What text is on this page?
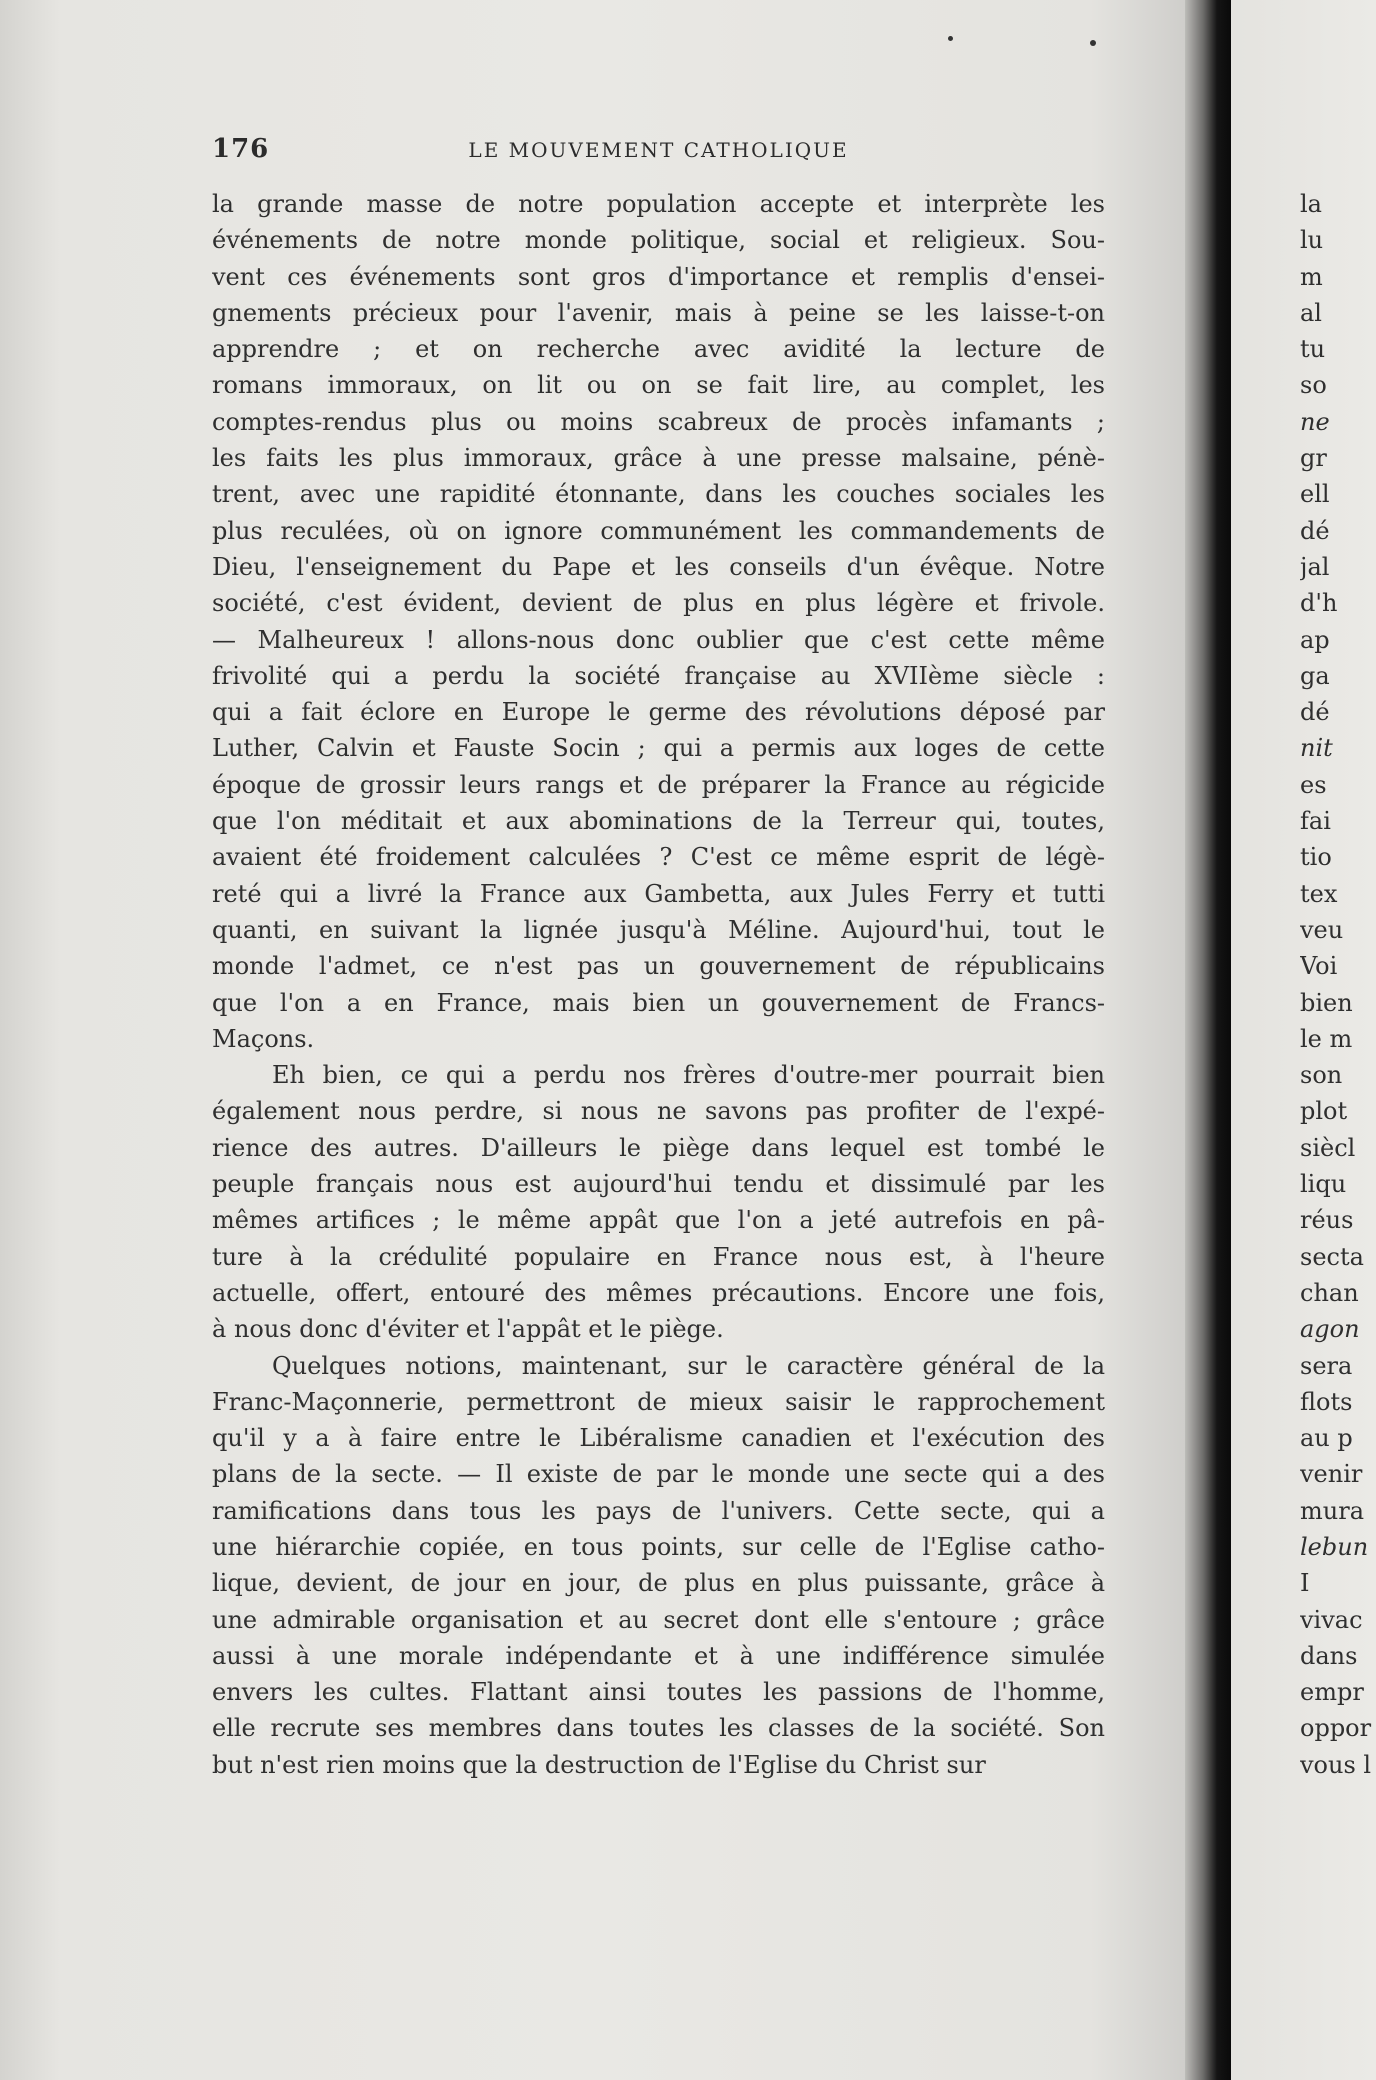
176	LE MOUVEMENT CATHOLIQUE
la grande masse de notre population accepte et interprète les
événements de notre monde politique, social et religieux. Sou-
vent ces événements sont gros d'importance et remplis d'ensei-
gnements précieux pour l'avenir, mais à peine se les laisse-t-on
apprendre ; et on recherche avec avidité la lecture de
romans immoraux, on lit ou on se fait lire, au complet, les
comptes-rendus plus ou moins scabreux de procès infamants ;
les faits les plus immoraux, grâce à une presse malsaine, pénè-
trent, avec une rapidité étonnante, dans les couches sociales les
plus reculées, où on ignore communément les commandements de
Dieu, l'enseignement du Pape et les conseils d'un évêque. Notre
société, c'est évident, devient de plus en plus légère et frivole.
— Malheureux ! allons-nous donc oublier que c'est cette même
frivolité qui a perdu la société française au XVIIème siècle :
qui a fait éclore en Europe le germe des révolutions déposé par
Luther, Calvin et Fauste Socin ; qui a permis aux loges de cette
époque de grossir leurs rangs et de préparer la France au régicide
que l'on méditait et aux abominations de la Terreur qui, toutes,
avaient été froidement calculées ? C'est ce même esprit de légè-
reté qui a livré la France aux Gambetta, aux Jules Ferry et tutti
quanti, en suivant la lignée jusqu'à Méline. Aujourd'hui, tout le
monde l'admet, ce n'est pas un gouvernement de républicains
que l'on a en France, mais bien un gouvernement de Francs-
Maçons.
Eh bien, ce qui a perdu nos frères d'outre-mer pourrait bien
également nous perdre, si nous ne savons pas profiter de l'expé-
rience des autres. D'ailleurs le piège dans lequel est tombé le
peuple français nous est aujourd'hui tendu et dissimulé par les
mêmes artifices ; le même appât que l'on a jeté autrefois en pâ-
ture à la crédulité populaire en France nous est, à l'heure
actuelle, offert, entouré des mêmes précautions. Encore une fois,
à nous donc d'éviter et l'appât et le piège.
Quelques notions, maintenant, sur le caractère général de la
Franc-Maçonnerie, permettront de mieux saisir le rapprochement
qu'il y a à faire entre le Libéralisme canadien et l'exécution des
plans de la secte. — Il existe de par le monde une secte qui a des
ramifications dans tous les pays de l'univers. Cette secte, qui a
une hiérarchie copiée, en tous points, sur celle de l'Eglise catho-
lique, devient, de jour en jour, de plus en plus puissante, grâce à
une admirable organisation et au secret dont elle s'entoure ; grâce
aussi à une morale indépendante et à une indifférence simulée
envers les cultes. Flattant ainsi toutes les passions de l'homme,
elle recrute ses membres dans toutes les classes de la société. Son
but n'est rien moins que la destruction de l'Eglise du Christ sur
la
lu
m
al
tu
so
ne
gr
ell
dé
jal
d'h
ap
ga
dé
nit
es
fai
tio
tex
veu
Voi
bien
le m
son
plot
siècl
liqu
réus
secta
chan
agon
sera
flots
au p
venir
mura
lebun
I
vivac
dans
empr
oppor
vous l
